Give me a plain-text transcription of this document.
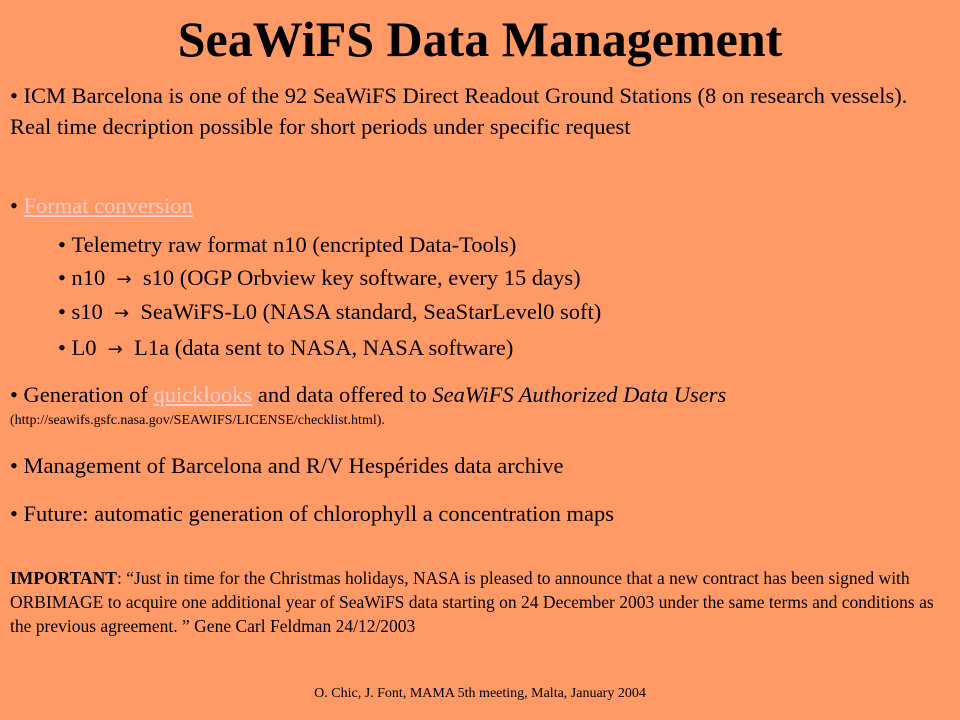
SeaWiFS Data Management
• ICM Barcelona is one of the 92 SeaWiFS Direct Readout Ground Stations (8 on research vessels). Real time decription possible for short periods under specific request
• Format conversion
• Telemetry raw format n10 (encripted Data-Tools)
• n10 → s10 (OGP Orbview key software, every 15 days)
• s10 → SeaWiFS-L0 (NASA standard, SeaStarLevel0 soft)
• L0 → L1a (data sent to NASA, NASA software)
• Generation of quicklooks and data offered to SeaWiFS Authorized Data Users
(http://seawifs.gsfc.nasa.gov/SEAWIFS/LICENSE/checklist.html).
• Management of Barcelona and R/V Hespérides data archive
• Future: automatic generation of chlorophyll a concentration maps
IMPORTANT: “Just in time for the Christmas holidays, NASA is pleased to announce that a new contract has been signed with ORBIMAGE to acquire one additional year of SeaWiFS data starting on 24 December 2003 under the same terms and conditions as the previous agreement. ” Gene Carl Feldman 24/12/2003
O. Chic, J. Font, MAMA 5th meeting, Malta, January 2004
